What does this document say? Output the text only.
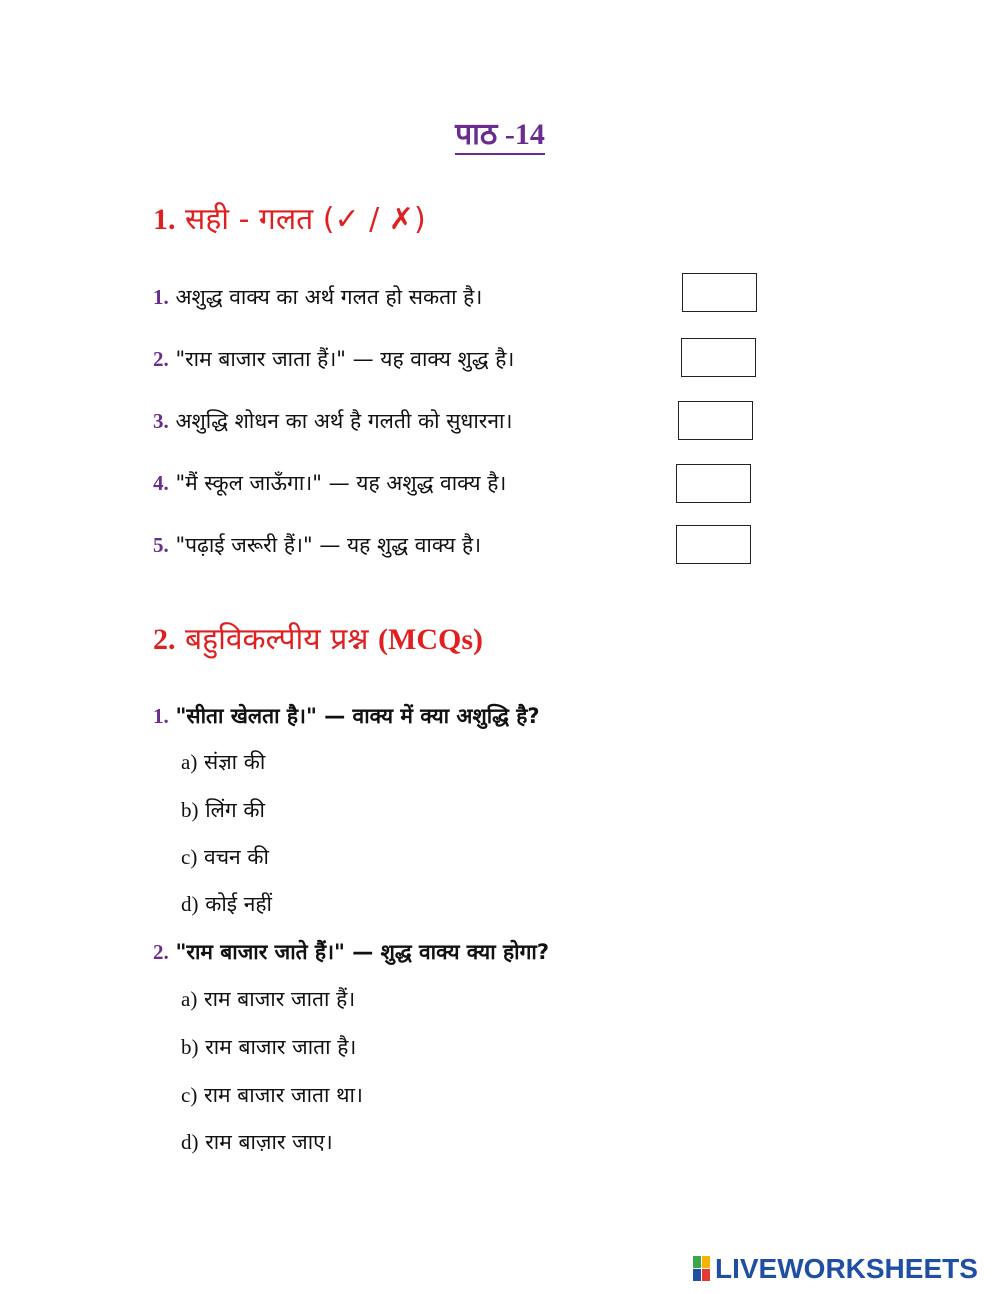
पाठ -14
1. सही - गलत (✓ / ✗)
1. अशुद्ध वाक्य का अर्थ गलत हो सकता है।
2. "राम बाजार जाता हैं।" — यह वाक्य शुद्ध है।
3. अशुद्धि शोधन का अर्थ है गलती को सुधारना।
4. "मैं स्कूल जाऊँगा।" — यह अशुद्ध वाक्य है।
5. "पढ़ाई जरूरी हैं।" — यह शुद्ध वाक्य है।
2. बहुविकल्पीय प्रश्न (MCQs)
1. "सीता खेलता है।" — वाक्य में क्या अशुद्धि है?
a) संज्ञा की
b) लिंग की
c) वचन की
d) कोई नहीं
2. "राम बाजार जाते हैं।" — शुद्ध वाक्य क्या होगा?
a) राम बाजार जाता हैं।
b) राम बाजार जाता है।
c) राम बाजार जाता था।
d) राम बाज़ार जाए।
LIVEWORKSHEETS
